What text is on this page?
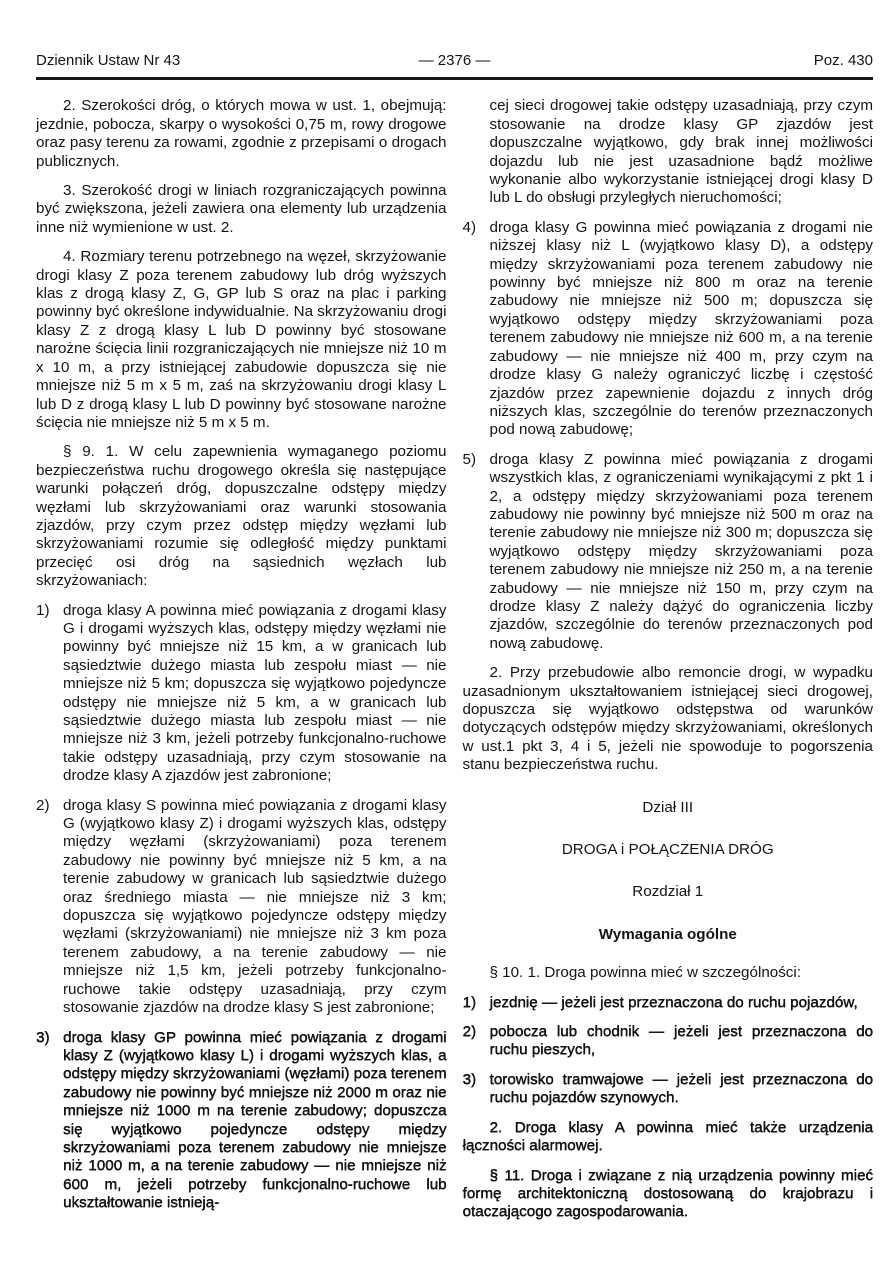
Dziennik Ustaw Nr 43	— 2376 —	Poz. 430
2. Szerokości dróg, o których mowa w ust. 1, obejmują: jezdnie, pobocza, skarpy o wysokości 0,75 m, rowy drogowe oraz pasy terenu za rowami, zgodnie z przepisami o drogach publicznych.
3. Szerokość drogi w liniach rozgraniczających powinna być zwiększona, jeżeli zawiera ona elementy lub urządzenia inne niż wymienione w ust. 2.
4. Rozmiary terenu potrzebnego na węzeł, skrzyżowanie drogi klasy Z poza terenem zabudowy lub dróg wyższych klas z drogą klasy Z, G, GP lub S oraz na plac i parking powinny być określone indywidualnie. Na skrzyżowaniu drogi klasy Z z drogą klasy L lub D powinny być stosowane narożne ścięcia linii rozgraniczających nie mniejsze niż 10 m x 10 m, a przy istniejącej zabudowie dopuszcza się nie mniejsze niż 5 m x 5 m, zaś na skrzyżowaniu drogi klasy L lub D z drogą klasy L lub D powinny być stosowane narożne ścięcia nie mniejsze niż 5 m x 5 m.
§ 9. 1. W celu zapewnienia wymaganego poziomu bezpieczeństwa ruchu drogowego określa się następujące warunki połączeń dróg, dopuszczalne odstępy między węzłami lub skrzyżowaniami oraz warunki stosowania zjazdów, przy czym przez odstęp między węzłami lub skrzyżowaniami rozumie się odległość między punktami przecięć osi dróg na sąsiednich węzłach lub skrzyżowaniach:
1) droga klasy A powinna mieć powiązania z drogami klasy G i drogami wyższych klas, odstępy między węzłami nie powinny być mniejsze niż 15 km, a w granicach lub sąsiedztwie dużego miasta lub zespołu miast — nie mniejsze niż 5 km; dopuszcza się wyjątkowo pojedyncze odstępy nie mniejsze niż 5 km, a w granicach lub sąsiedztwie dużego miasta lub zespołu miast — nie mniejsze niż 3 km, jeżeli potrzeby funkcjonalno-ruchowe takie odstępy uzasadniają, przy czym stosowanie na drodze klasy A zjazdów jest zabronione;
2) droga klasy S powinna mieć powiązania z drogami klasy G (wyjątkowo klasy Z) i drogami wyższych klas, odstępy między węzłami (skrzyżowaniami) poza terenem zabudowy nie powinny być mniejsze niż 5 km, a na terenie zabudowy w granicach lub sąsiedztwie dużego oraz średniego miasta — nie mniejsze niż 3 km; dopuszcza się wyjątkowo pojedyncze odstępy między węzłami (skrzyżowaniami) nie mniejsze niż 3 km poza terenem zabudowy, a na terenie zabudowy — nie mniejsze niż 1,5 km, jeżeli potrzeby funkcjonalno-ruchowe takie odstępy uzasadniają, przy czym stosowanie zjazdów na drodze klasy S jest zabronione;
3) droga klasy GP powinna mieć powiązania z drogami klasy Z (wyjątkowo klasy L) i drogami wyższych klas, a odstępy między skrzyżowaniami (węzłami) poza terenem zabudowy nie powinny być mniejsze niż 2000 m oraz nie mniejsze niż 1000 m na terenie zabudowy; dopuszcza się wyjątkowo pojedyncze odstępy między skrzyżowaniami poza terenem zabudowy nie mniejsze niż 1000 m, a na terenie zabudowy — nie mniejsze niż 600 m, jeżeli potrzeby funkcjonalno-ruchowe lub ukształtowanie istnieją-
cej sieci drogowej takie odstępy uzasadniają, przy czym stosowanie na drodze klasy GP zjazdów jest dopuszczalne wyjątkowo, gdy brak innej możliwości dojazdu lub nie jest uzasadnione bądź możliwe wykonanie albo wykorzystanie istniejącej drogi klasy D lub L do obsługi przyległych nieruchomości;
4) droga klasy G powinna mieć powiązania z drogami nie niższej klasy niż L (wyjątkowo klasy D), a odstępy między skrzyżowaniami poza terenem zabudowy nie powinny być mniejsze niż 800 m oraz na terenie zabudowy nie mniejsze niż 500 m; dopuszcza się wyjątkowo odstępy między skrzyżowaniami poza terenem zabudowy nie mniejsze niż 600 m, a na terenie zabudowy — nie mniejsze niż 400 m, przy czym na drodze klasy G należy ograniczyć liczbę i częstość zjazdów przez zapewnienie dojazdu z innych dróg niższych klas, szczególnie do terenów przeznaczonych pod nową zabudowę;
5) droga klasy Z powinna mieć powiązania z drogami wszystkich klas, z ograniczeniami wynikającymi z pkt 1 i 2, a odstępy między skrzyżowaniami poza terenem zabudowy nie powinny być mniejsze niż 500 m oraz na terenie zabudowy nie mniejsze niż 300 m; dopuszcza się wyjątkowo odstępy między skrzyżowaniami poza terenem zabudowy nie mniejsze niż 250 m, a na terenie zabudowy — nie mniejsze niż 150 m, przy czym na drodze klasy Z należy dążyć do ograniczenia liczby zjazdów, szczególnie do terenów przeznaczonych pod nową zabudowę.
2. Przy przebudowie albo remoncie drogi, w wypadku uzasadnionym ukształtowaniem istniejącej sieci drogowej, dopuszcza się wyjątkowo odstępstwa od warunków dotyczących odstępów między skrzyżowaniami, określonych w ust.1 pkt 3, 4 i 5, jeżeli nie spowoduje to pogorszenia stanu bezpieczeństwa ruchu.
Dział III
DROGA i POŁĄCZENIA DRÓG
Rozdział 1
Wymagania ogólne
§ 10. 1. Droga powinna mieć w szczególności:
1) jezdnię — jeżeli jest przeznaczona do ruchu pojazdów,
2) pobocza lub chodnik — jeżeli jest przeznaczona do ruchu pieszych,
3) torowisko tramwajowe — jeżeli jest przeznaczona do ruchu pojazdów szynowych.
2. Droga klasy A powinna mieć także urządzenia łączności alarmowej.
§ 11. Droga i związane z nią urządzenia powinny mieć formę architektoniczną dostosowaną do krajobrazu i otaczającogo zagospodarowania.
